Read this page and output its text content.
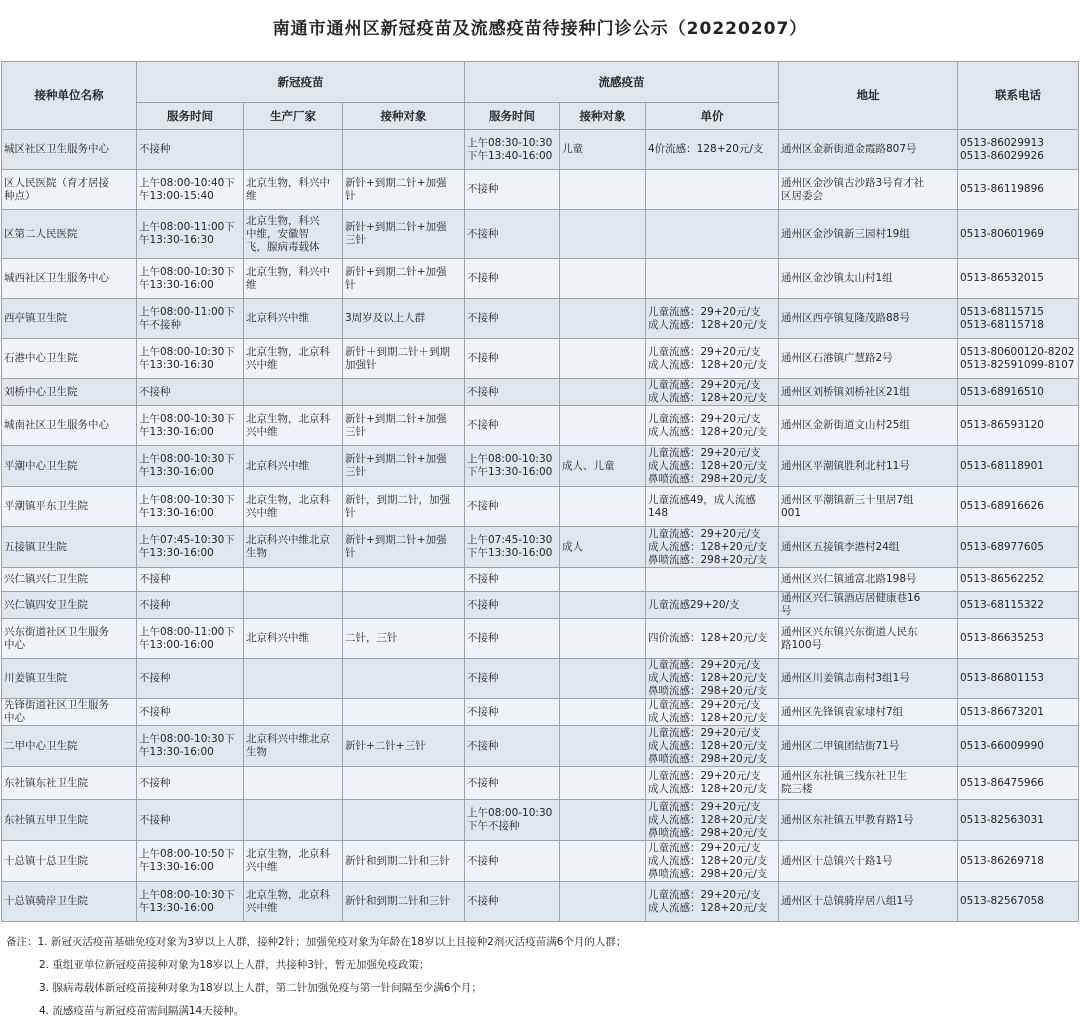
南通市通州区新冠疫苗及流感疫苗待接种门诊公示（20220207）
接种单位名称	新冠疫苗			流感疫苗			地址	联系电话
	服务时间	生产厂家	接种对象	服务时间	接种对象	单价		
城区社区卫生服务中心	不接种			上午08:30-10:30
下午13:40-16:00	儿童	4价流感：128+20元/支	通州区金新街道金霞路807号	0513-86029913
0513-86029926
区人民医院（育才居接
种点）	上午08:00-10:40下
午13:00-15:40	北京生物，科兴中
维	新针+到期二针+加强
针	不接种			通州区金沙镇古沙路3号育才社
区居委会	0513-86119896
区第二人民医院	上午08:00-11:00下
午13:30-16:30	北京生物，科兴
中维，安徽智
飞，腺病毒载体	新针+到期二针+加强
三针	不接种			通州区金沙镇新三园村19组	0513-80601969
城西社区卫生服务中心	上午08:00-10:30下
午13:30-16:00	北京生物，科兴中
维	新针+到期二针+加强
针	不接种			通州区金沙镇太山村1组	0513-86532015
西亭镇卫生院	上午08:00-11:00下
午不接种	北京科兴中维	3周岁及以上人群	不接种		儿童流感：29+20元/支
成人流感：128+20元/支	通州区西亭镇复隆茂路88号	0513-68115715
0513-68115718
石港中心卫生院	上午08:00-10:30下
午13:30-16:30	北京生物，北京科
兴中维	新针＋到期二针＋到期
加强针	不接种		儿童流感：29+20元/支
成人流感：128+20元/支	通州区石港镇广慧路2号	0513-80600120-8202
0513-82591099-8107
刘桥中心卫生院	不接种			不接种		儿童流感：29+20元/支
成人流感：128+20元/支	通州区刘桥镇刘桥社区21组	0513-68916510
城南社区卫生服务中心	上午08:00-10:30下
午13:30-16:00	北京生物，北京科
兴中维	新针+到期二针+加强
三针	不接种		儿童流感：29+20元/支
成人流感：128+20元/支	通州区金新街道文山村25组	0513-86593120
平潮中心卫生院	上午08:00-10:30下
午13:30-16:00	北京科兴中维	新针+到期二针+加强
三针	上午08:00-10:30
下午13:30-16:00	成人、儿童	儿童流感：29+20元/支
成人流感：128+20元/支
鼻喷流感：298+20元/支	通州区平潮镇胜利北村11号	0513-68118901
平潮镇平东卫生院	上午08:00-10:30下
午13:30-16:00	北京生物，北京科
兴中维	新针，到期二针，加强
针	不接种		儿童流感49，成人流感
148	通州区平潮镇新三十里居7组
001	0513-68916626
五接镇卫生院	上午07:45-10:30下
午13:30-16:00	北京科兴中维北京
生物	新针+到期二针+加强
针	上午07:45-10:30
下午13:30-16:00	成人	儿童流感：29+20元/支
成人流感：128+20元/支
鼻喷流感：298+20元/支	通州区五接镇李港村24组	0513-68977605
兴仁镇兴仁卫生院	不接种			不接种			通州区兴仁镇通富北路198号	0513-86562252
兴仁镇四安卫生院	不接种			不接种		儿童流感29+20/支	通州区兴仁镇酒店居健康巷16
号	0513-68115322
兴东街道社区卫生服务
中心	上午08:00-11:00下
午13:00-16:00	北京科兴中维	二针，三针	不接种		四价流感：128+20元/支	通州区兴东镇兴东街道人民东
路100号	0513-86635253
川姜镇卫生院	不接种			不接种		儿童流感：29+20元/支
成人流感：128+20元/支
鼻喷流感：298+20元/支	通州区川姜镇志南村3组1号	0513-86801153
先锋街道社区卫生服务
中心	不接种			不接种		儿童流感：29+20元/支
成人流感：128+20元/支	通州区先锋镇袁家埭村7组	0513-86673201
二甲中心卫生院	上午08:00-10:30下
午13:30-16:00	北京科兴中维北京
生物	新针+二针+三针	不接种		儿童流感：29+20元/支
成人流感：128+20元/支
鼻喷流感：298+20元/支	通州区二甲镇团结街71号	0513-66009990
东社镇东社卫生院	不接种			不接种		儿童流感：29+20元/支
成人流感：128+20元/支	通州区东社镇三线东社卫生
院三楼	0513-86475966
东社镇五甲卫生院	不接种			上午08:00-10:30
下午不接种		儿童流感：29+20元/支
成人流感：128+20元/支
鼻喷流感：298+20元/支	通州区东社镇五甲教育路1号	0513-82563031
十总镇十总卫生院	上午08:00-10:50下
午13:30-16:00	北京生物，北京科
兴中维	新针和到期二针和三针	不接种		儿童流感：29+20元/支
成人流感：128+20元/支
鼻喷流感：298+20元/支	通州区十总镇兴十路1号	0513-86269718
十总镇骑岸卫生院	上午08:00-10:30下
午13:30-16:00	北京生物，北京科
兴中维	新针和到期二针和三针	不接种		儿童流感：29+20元/支
成人流感：128+20元/支	通州区十总镇骑岸居八组1号	0513-82567058
备注：1. 新冠灭活疫苗基础免疫对象为3岁以上人群，接种2针；加强免疫对象为年龄在18岁以上且接种2剂灭活疫苗满6个月的人群；
2. 重组亚单位新冠疫苗接种对象为18岁以上人群，共接种3针，暂无加强免疫政策；
3. 腺病毒载体新冠疫苗接种对象为18岁以上人群，第二针加强免疫与第一针间隔至少满6个月；
4. 流感疫苗与新冠疫苗需间隔满14天接种。
